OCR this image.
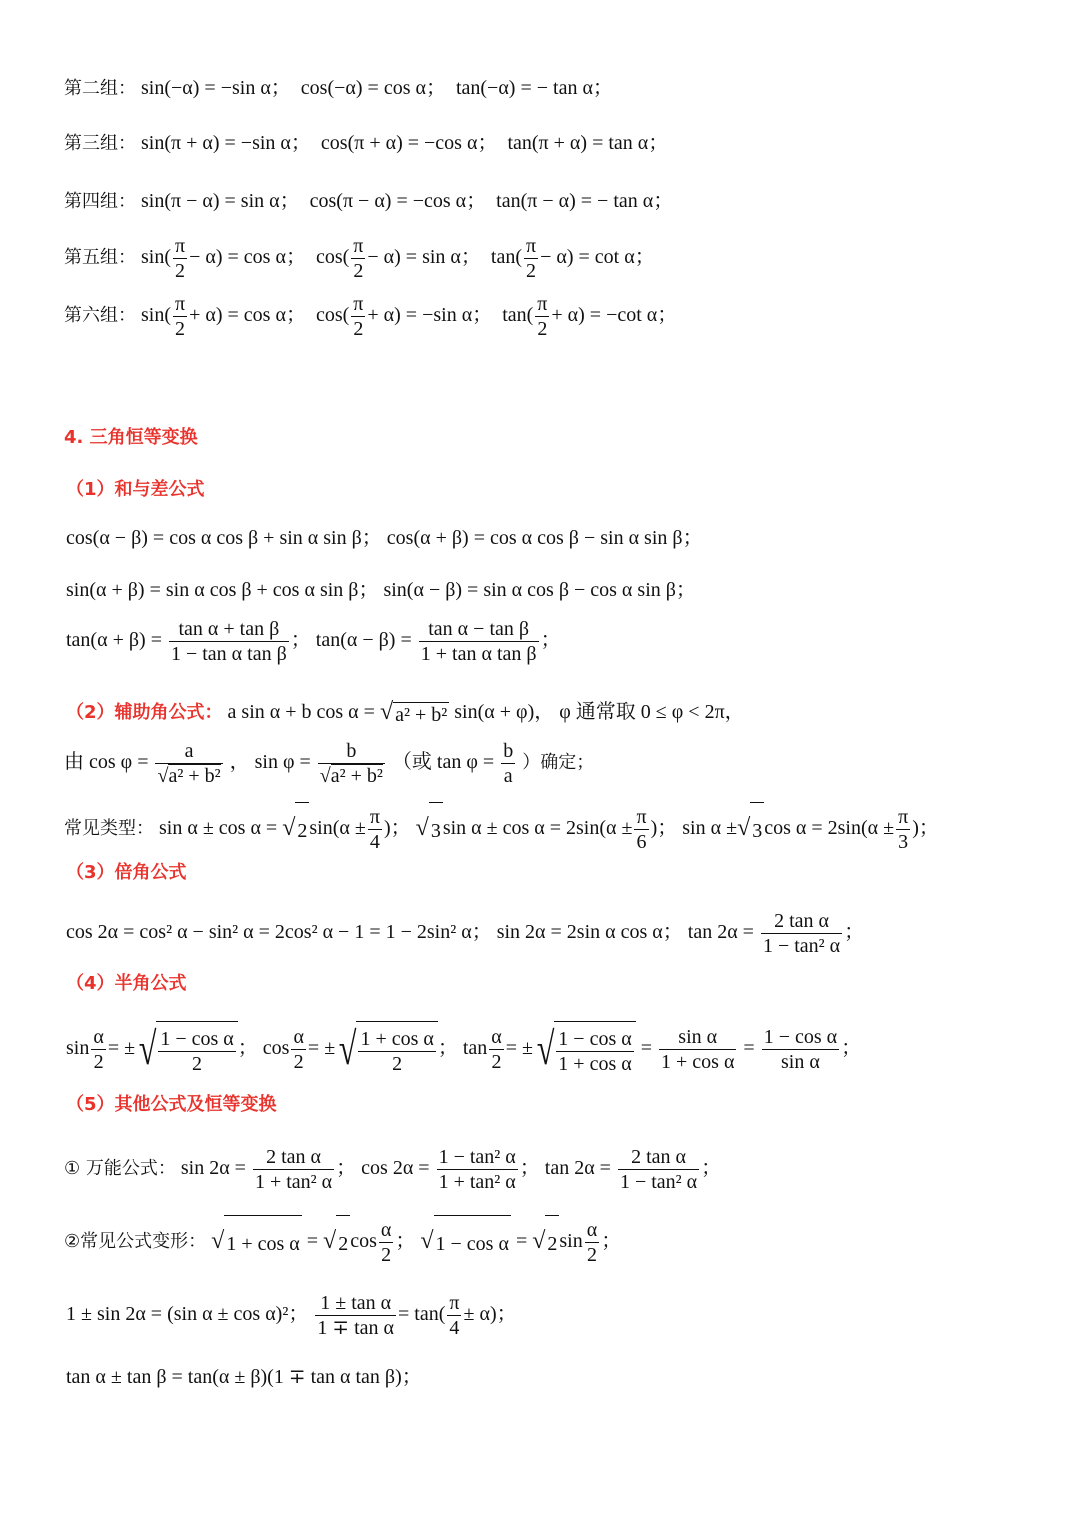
第二组： sin(−α) = −sin α； cos(−α) = cos α； tan(−α) = − tan α；
第三组： sin(π + α) = −sin α； cos(π + α) = −cos α； tan(π + α) = tan α；
第四组： sin(π − α) = sin α； cos(π − α) = −cos α； tan(π − α) = − tan α；
第五组： $\sin( \frac{\pi}{2} - \alpha) = \cos \alpha$； $\cos( \frac{\pi}{2} - \alpha) = \sin \alpha$； $\tan( \frac{\pi}{2} - \alpha) = \cot \alpha$；
第六组： $\sin( \frac{\pi}{2} + \alpha) = \cos \alpha$； $\cos( \frac{\pi}{2} + \alpha) = -\sin$ α； $\tan( \frac{\pi}{2} + \alpha) = -\cot$ α；
4. 三角恒等变换
（1）和与差公式
cos(α − β) = cos α cos β + sin α sin β； cos(α + β) = cos α cos β − sin α sin β；
sin(α + β) = sin α cos β + cos α sin β； sin(α − β) = sin α cos β − cos α sin β；
$\tan(\alpha + \beta) = \frac{\text{tan α + tan β}}{\text{1 − tan α tan β}}$ ； $\tan(\alpha - \beta) = \frac{\text{tan α − tan β}}{\text{1 + tan α tan β}}$ ；
（2）辅助角公式： a sin α + b cos α = √ a² + b² sin(α + φ)， φ 通常取 0 ≤ φ < 2π，
由 $\cos \varphi = \frac{a}{\text{√a² + b²}}$ ， $\sin \varphi = \frac{b}{\text{√a² + b²}}$ （或 $\tan \varphi = \frac{b}{a}$ ）确定；
常见类型： sin α ± cos α = √ 2 $\sin(\alpha \pm \frac{\pi}{4}$ )； √ 3 $\sin \alpha \pm \cos \alpha = 2\sin(\alpha \pm \frac{\pi}{6}$ )； sin α ±√ 3 $\cos \alpha = 2\sin(\alpha \pm \frac{\pi}{3}$ )；
（3）倍角公式
cos 2α = cos² α − sin² α = 2cos² α − 1 = 1 − 2sin² α； sin 2α = 2sin α cos α； $\tan 2\alpha = \frac{\text{2 tan α}}{\text{1 − tan² α}}$ ；
（4）半角公式
$\sin \frac{\alpha}{2}$ = ± √ $\frac{\text{1 − cos α}}{2}$ ； $\cos \frac{\alpha}{2}$ = ± √ $\frac{\text{1 + cos α}}{2}$ ； $\tan \frac{\alpha}{2}$ = ± √ $\frac{\text{1 − cos α}}{\text{1 + cos α}} = \frac{\text{sin α}}{\text{1 + cos α}} = \frac{\text{1 − cos α}}{\text{sin α}}$ ；
（5）其他公式及恒等变换
① 万能公式： $\sin 2\alpha = \frac{\text{2 tan α}}{\text{1 + tan² α}}$ ； $\cos 2\alpha = \frac{\text{1 − tan² α}}{\text{1 + tan² α}}$ ； $\tan 2\alpha = \frac{\text{2 tan α}}{\text{1 − tan² α}}$ ；
②常见公式变形： √ 1 + cos α = √ 2 $\cos \frac{\alpha}{2}$ ； √ 1 − cos α = √ 2 $\sin \frac{\alpha}{2}$ ；
1 ± sin 2α = (sin α ± cos α)²； $\frac{\text{1 ± tan α}}{\text{1 ∓ tan α}} = \tan( \frac{\pi}{4} \pm \alpha)$；
tan α ± tan β = tan(α ± β)(1 ∓ tan α tan β)；
